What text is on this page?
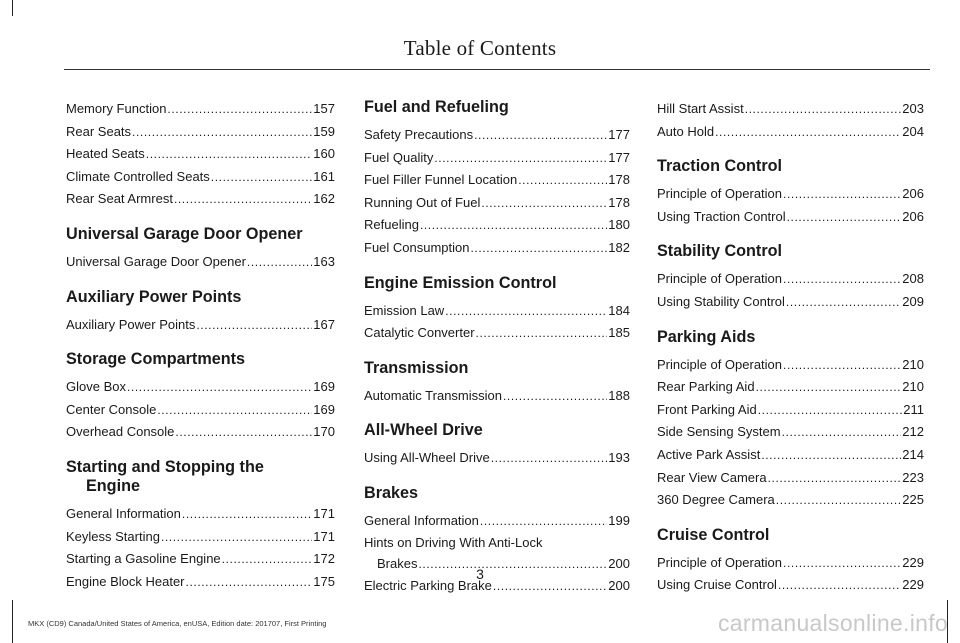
Table of Contents
Memory Function .....	157
Rear Seats .....	159
Heated Seats .....	160
Climate Controlled Seats .....	161
Rear Seat Armrest .....	162
Universal Garage Door Opener
Universal Garage Door Opener .....	163
Auxiliary Power Points
Auxiliary Power Points .....	167
Storage Compartments
Glove Box .....	169
Center Console .....	169
Overhead Console .....	170
Starting and Stopping the
Engine
General Information .....	171
Keyless Starting .....	171
Starting a Gasoline Engine .....	172
Engine Block Heater .....	175
Fuel and Refueling
Safety Precautions .....	177
Fuel Quality .....	177
Fuel Filler Funnel Location .....	178
Running Out of Fuel .....	178
Refueling .....	180
Fuel Consumption .....	182
Engine Emission Control
Emission Law .....	184
Catalytic Converter .....	185
Transmission
Automatic Transmission .....	188
All-Wheel Drive
Using All-Wheel Drive .....	193
Brakes
General Information .....	199
Hints on Driving With Anti-Lock
Brakes .....	200
Electric Parking Brake .....	200
Hill Start Assist .....	203
Auto Hold .....	204
Traction Control
Principle of Operation .....	206
Using Traction Control .....	206
Stability Control
Principle of Operation .....	208
Using Stability Control .....	209
Parking Aids
Principle of Operation .....	210
Rear Parking Aid .....	210
Front Parking Aid .....	211
Side Sensing System .....	212
Active Park Assist .....	214
Rear View Camera .....	223
360 Degree Camera .....	225
Cruise Control
Principle of Operation .....	229
Using Cruise Control .....	229
3
MKX (CD9) Canada/United States of America, enUSA, Edition date: 201707, First Printing	carmanualsonline.info
